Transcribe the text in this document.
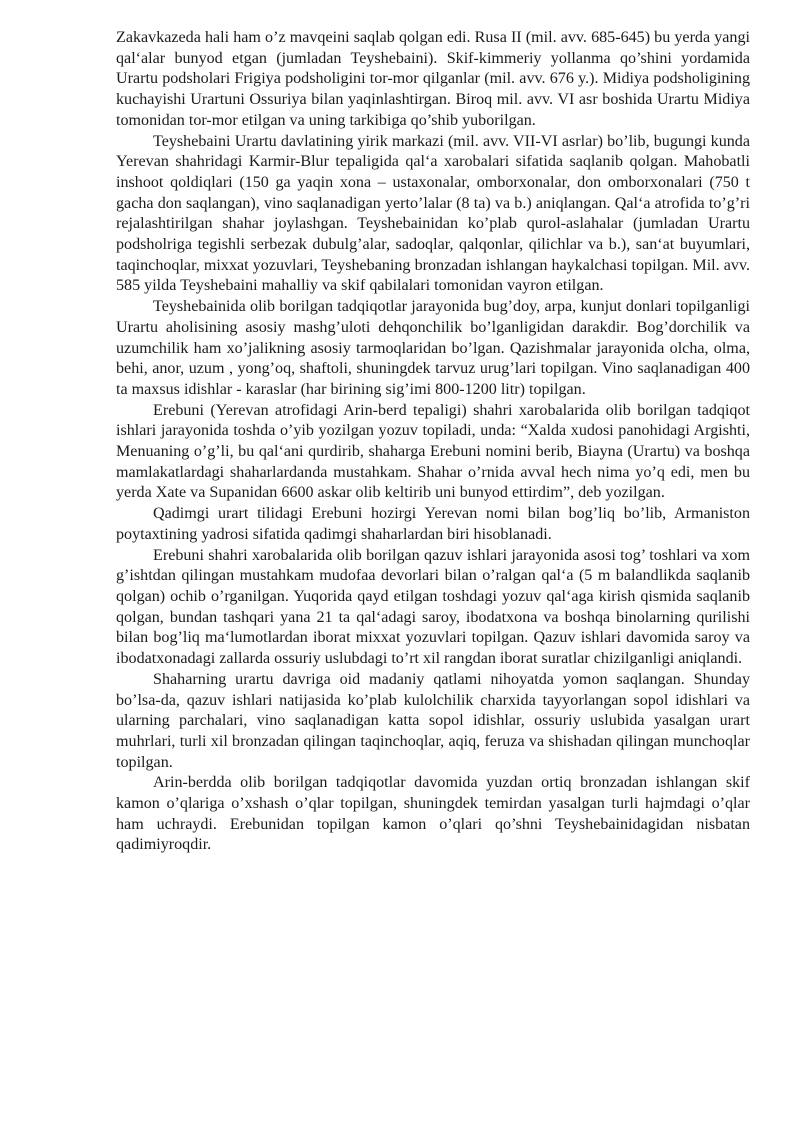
Zakavkazeda hali ham o’z mavqeini saqlab qolgan edi. Rusa II (mil. avv. 685-645) bu yerda yangi qal‘alar bunyod etgan (jumladan Teyshebaini). Skif-kimmeriy yollanma qo’shini yordamida Urartu podsholari Frigiya podsholigini tor-mor qilganlar (mil. avv. 676 y.). Midiya podsholigining kuchayishi Urartuni Ossuriya bilan yaqinlashtirgan. Biroq mil. avv. VI asr boshida Urartu Midiya tomonidan tor-mor etilgan va uning tarkibiga qo’shib yuborilgan.

Teyshebaini Urartu davlatining yirik markazi (mil. avv. VII-VI asrlar) bo’lib, bugungi kunda Yerevan shahridagi Karmir-Blur tepaligida qal‘a xarobalari sifatida saqlanib qolgan. Mahobatli inshoot qoldiqlari (150 ga yaqin xona – ustaxonalar, omborxonalar, don omborxonalari (750 t gacha don saqlangan), vino saqlanadigan yerto’lalar (8 ta) va b.) aniqlangan. Qal‘a atrofida to’g’ri rejalashtirilgan shahar joylashgan. Teyshebainidan ko’plab qurol-aslahalar (jumladan Urartu podsholriga tegishli serbezak dubulg’alar, sadoqlar, qalqonlar, qilichlar va b.), san‘at buyumlari, taqinchoqlar, mixxat yozuvlari, Teyshebaning bronzadan ishlangan haykalchasi topilgan. Mil. avv. 585 yilda Teyshebaini mahalliy va skif qabilalari tomonidan vayron etilgan.

Teyshebainida olib borilgan tadqiqotlar jarayonida bug’doy, arpa, kunjut donlari topilganligi Urartu aholisining asosiy mashg’uloti dehqonchilik bo’lganligidan darakdir. Bog’dorchilik va uzumchilik ham xo’jalikning asosiy tarmoqlaridan bo’lgan. Qazishmalar jarayonida olcha, olma, behi, anor, uzum , yong’oq, shaftoli, shuningdek tarvuz urug’lari topilgan. Vino saqlanadigan 400 ta maxsus idishlar - karaslar (har birining sig’imi 800-1200 litr) topilgan.

Erebuni (Yerevan atrofidagi Arin-berd tepaligi) shahri xarobalarida olib borilgan tadqiqot ishlari jarayonida toshda o’yib yozilgan yozuv topiladi, unda: “Xalda xudosi panohidagi Argishti, Menuaning o’g’li, bu qal‘ani qurdirib, shaharga Erebuni nomini berib, Biayna (Urartu) va boshqa mamlakatlardagi shaharlardanda mustahkam. Shahar o’rnida avval hech nima yo’q edi, men bu yerda Xate va Supanidan 6600 askar olib keltirib uni bunyod ettirdim”, deb yozilgan.

Qadimgi urart tilidagi Erebuni hozirgi Yerevan nomi bilan bog’liq bo’lib, Armaniston poytaxtining yadrosi sifatida qadimgi shaharlardan biri hisoblanadi.

Erebuni shahri xarobalarida olib borilgan qazuv ishlari jarayonida asosi tog’ toshlari va xom g’ishtdan qilingan mustahkam mudofaa devorlari bilan o’ralgan qal‘a (5 m balandlikda saqlanib qolgan) ochib o’rganilgan. Yuqorida qayd etilgan toshdagi yozuv qal‘aga kirish qismida saqlanib qolgan, bundan tashqari yana 21 ta qal‘adagi saroy, ibodatxona va boshqa binolarning qurilishi bilan bog’liq ma‘lumotlardan iborat mixxat yozuvlari topilgan. Qazuv ishlari davomida saroy va ibodatxonadagi zallarda ossuriy uslubdagi to’rt xil rangdan iborat suratlar chizilganligi aniqlandi.

Shaharning urartu davriga oid madaniy qatlami nihoyatda yomon saqlangan. Shunday bo’lsa-da, qazuv ishlari natijasida ko’plab kulolchilik charxida tayyorlangan sopol idishlari va ularning parchalari, vino saqlanadigan katta sopol idishlar, ossuriy uslubida yasalgan urart muhrlari, turli xil bronzadan qilingan taqinchoqlar, aqiq, feruza va shishadan qilingan munchoqlar topilgan.

Arin-berdda olib borilgan tadqiqotlar davomida yuzdan ortiq bronzadan ishlangan skif kamon o’qlariga o’xshash o’qlar topilgan, shuningdek temirdan yasalgan turli hajmdagi o’qlar ham uchraydi. Erebunidan topilgan kamon o’qlari qo’shni Teyshebainidagidan nisbatan qadimiyroqdir.
